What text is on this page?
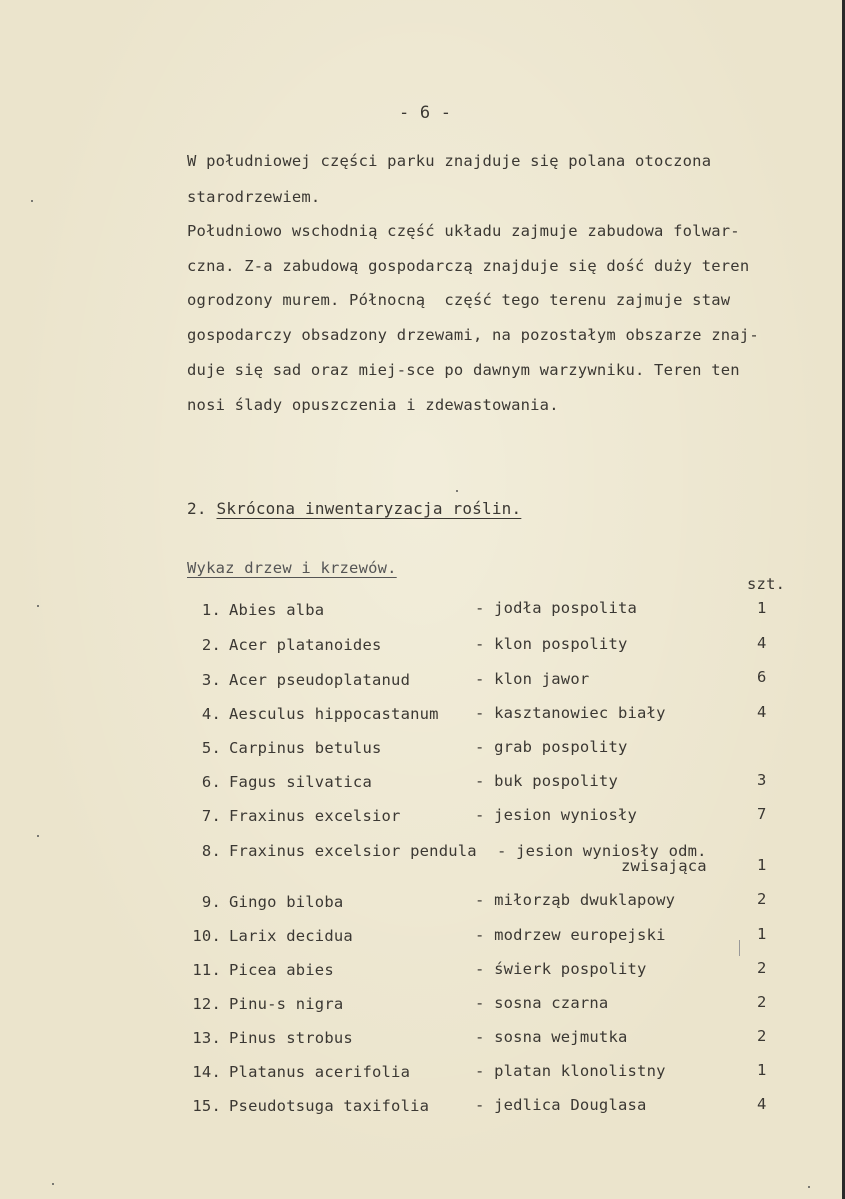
- 6 -
W południowej części parku znajduje się polana otoczona
starodrzewiem.
Południowo wschodnią część układu zajmuje zabudowa folwar-
czna. Z-a zabudową gospodarczą znajduje się dość duży teren
ogrodzony murem. Północną  część tego terenu zajmuje staw
gospodarczy obsadzony drzewami, na pozostałym obszarze znaj-
duje się sad oraz miej-sce po dawnym warzywniku. Teren ten
nosi ślady opuszczenia i zdewastowania.
2. Skrócona inwentaryzacja roślin.
Wykaz drzew i krzewów.
szt.
1. Abies alba	- jodła pospolita	1
2. Acer platanoides	- klon pospolity	4
3. Acer pseudoplatanud	- klon jawor	6
4. Aesculus hippocastanum - kasztanowiec biały	4
5. Carpinus betulus	- grab pospolity
6. Fagus silvatica	- buk pospolity	3
7. Fraxinus excelsior	- jesion wyniosły	7
8. Fraxinus excelsior pendula - jesion wyniosły odm.
zwisająca	1
9. Gingo biloba	- miłorząb dwuklapowy	2
10. Larix decidua	- modrzew europejski	1
11. Picea abies	- świerk pospolity	2
12. Pinu-s nigra	- sosna czarna	2
13. Pinus strobus	- sosna wejmutka	2
14. Platanus acerifolia	- platan klonolistny	1
15. Pseudotsuga taxifolia	- jedlica Douglasa	4
